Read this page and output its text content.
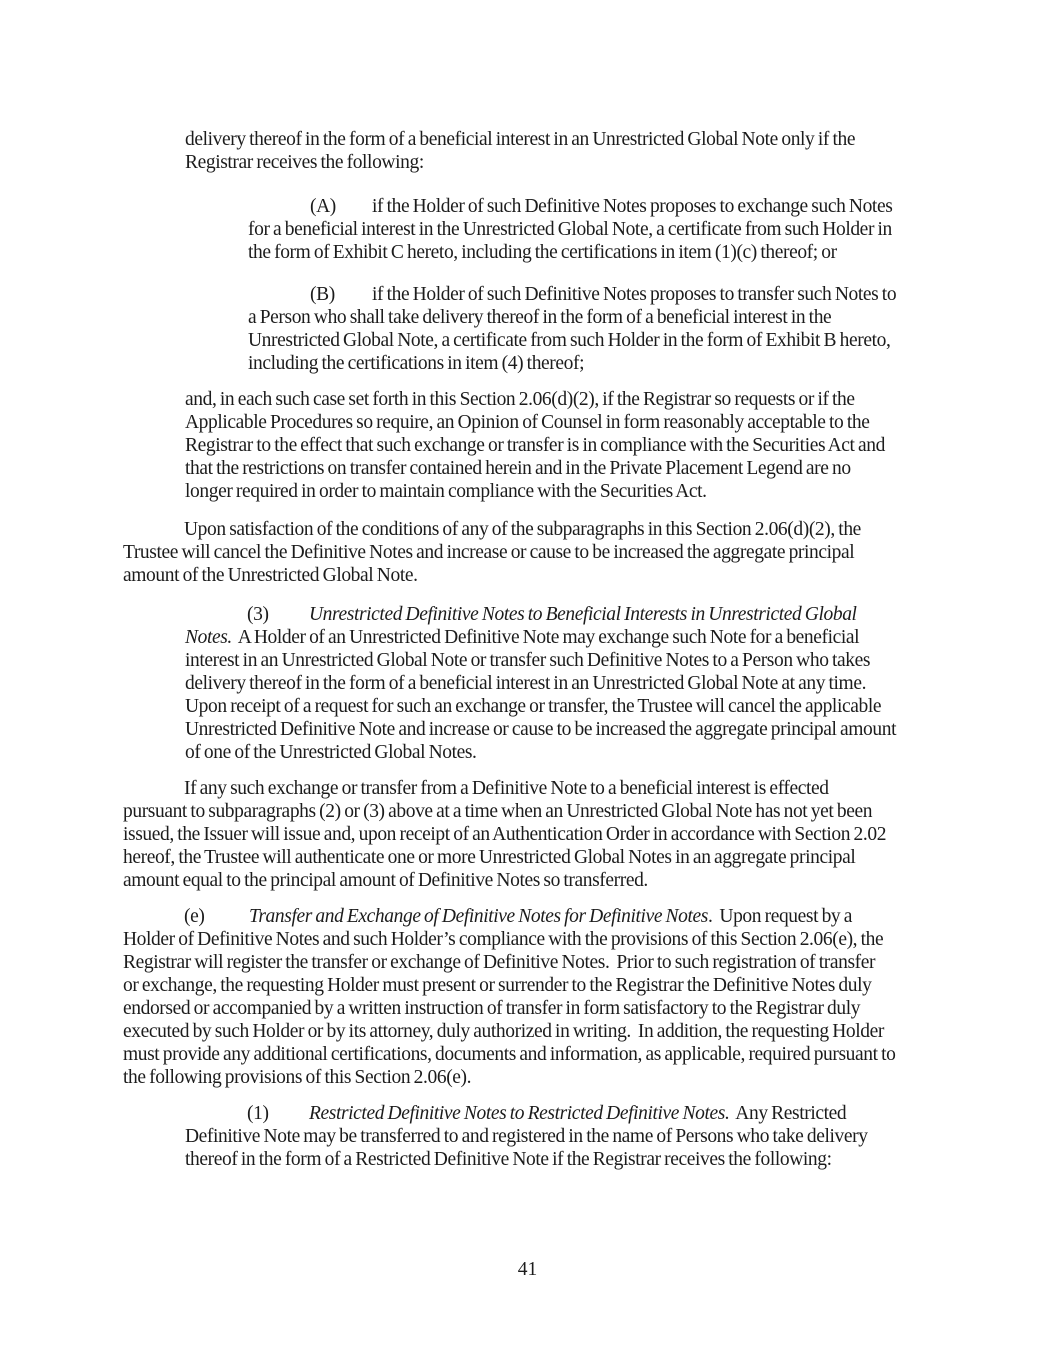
delivery thereof in the form of a beneficial interest in an Unrestricted Global Note only if the
Registrar receives the following:
(A) if the Holder of such Definitive Notes proposes to exchange such Notes
for a beneficial interest in the Unrestricted Global Note, a certificate from such Holder in
the form of Exhibit C hereto, including the certifications in item (1)(c) thereof; or
(B) if the Holder of such Definitive Notes proposes to transfer such Notes to
a Person who shall take delivery thereof in the form of a beneficial interest in the
Unrestricted Global Note, a certificate from such Holder in the form of Exhibit B hereto,
including the certifications in item (4) thereof;
and, in each such case set forth in this Section 2.06(d)(2), if the Registrar so requests or if the
Applicable Procedures so require, an Opinion of Counsel in form reasonably acceptable to the
Registrar to the effect that such exchange or transfer is in compliance with the Securities Act and
that the restrictions on transfer contained herein and in the Private Placement Legend are no
longer required in order to maintain compliance with the Securities Act.
Upon satisfaction of the conditions of any of the subparagraphs in this Section 2.06(d)(2), the
Trustee will cancel the Definitive Notes and increase or cause to be increased the aggregate principal
amount of the Unrestricted Global Note.
(3) Unrestricted Definitive Notes to Beneficial Interests in Unrestricted Global
Notes.  A Holder of an Unrestricted Definitive Note may exchange such Note for a beneficial
interest in an Unrestricted Global Note or transfer such Definitive Notes to a Person who takes
delivery thereof in the form of a beneficial interest in an Unrestricted Global Note at any time.
Upon receipt of a request for such an exchange or transfer, the Trustee will cancel the applicable
Unrestricted Definitive Note and increase or cause to be increased the aggregate principal amount
of one of the Unrestricted Global Notes.
If any such exchange or transfer from a Definitive Note to a beneficial interest is effected
pursuant to subparagraphs (2) or (3) above at a time when an Unrestricted Global Note has not yet been
issued, the Issuer will issue and, upon receipt of an Authentication Order in accordance with Section 2.02
hereof, the Trustee will authenticate one or more Unrestricted Global Notes in an aggregate principal
amount equal to the principal amount of Definitive Notes so transferred.
(e) Transfer and Exchange of Definitive Notes for Definitive Notes.  Upon request by a
Holder of Definitive Notes and such Holder’s compliance with the provisions of this Section 2.06(e), the
Registrar will register the transfer or exchange of Definitive Notes.  Prior to such registration of transfer
or exchange, the requesting Holder must present or surrender to the Registrar the Definitive Notes duly
endorsed or accompanied by a written instruction of transfer in form satisfactory to the Registrar duly
executed by such Holder or by its attorney, duly authorized in writing.  In addition, the requesting Holder
must provide any additional certifications, documents and information, as applicable, required pursuant to
the following provisions of this Section 2.06(e).
(1) Restricted Definitive Notes to Restricted Definitive Notes.  Any Restricted
Definitive Note may be transferred to and registered in the name of Persons who take delivery
thereof in the form of a Restricted Definitive Note if the Registrar receives the following:
41
